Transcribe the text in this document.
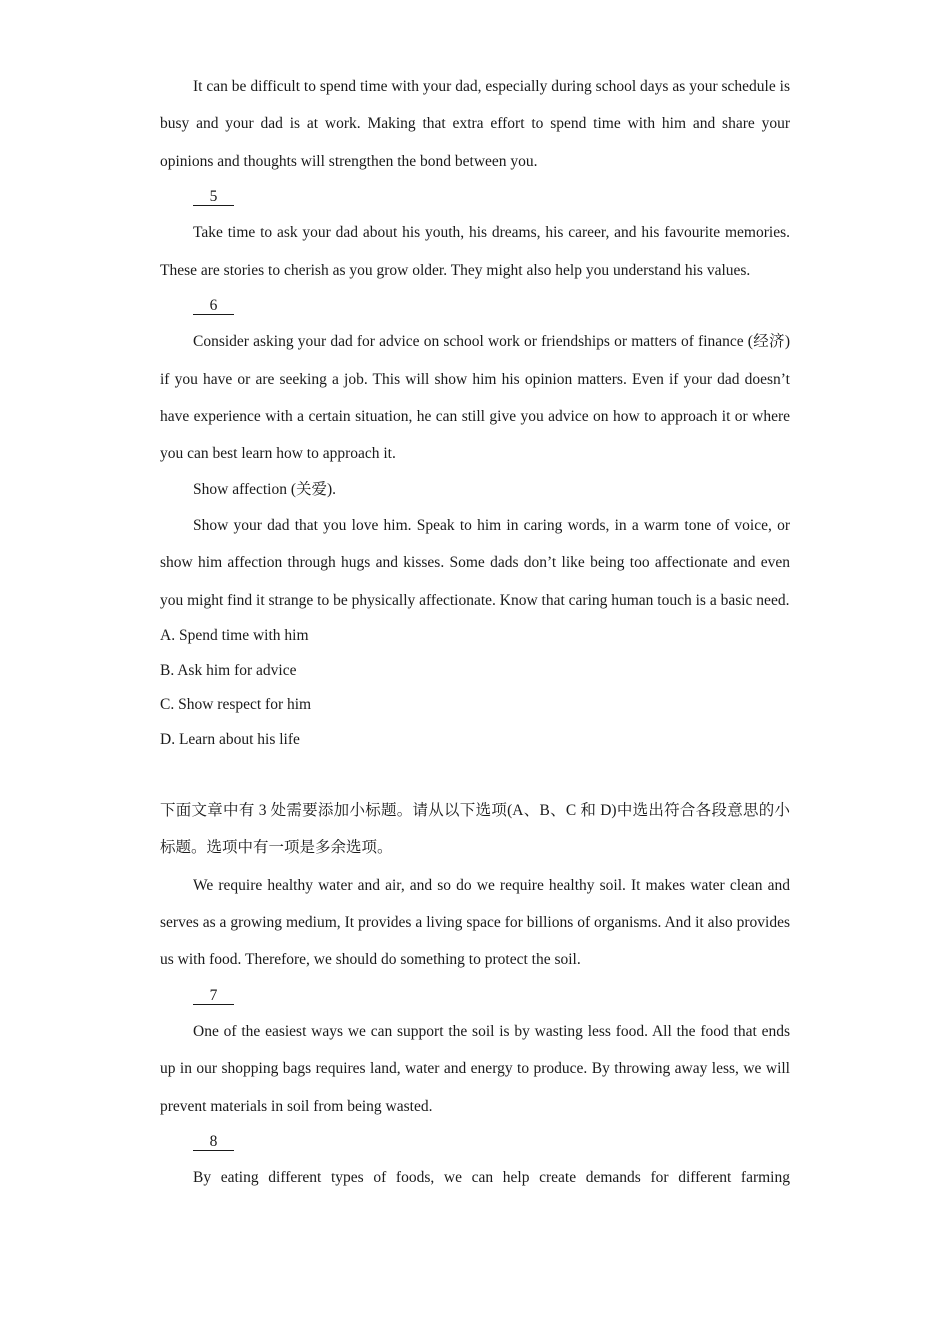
It can be difficult to spend time with your dad, especially during school days as your schedule is busy and your dad is at work. Making that extra effort to spend time with him and share your opinions and thoughts will strengthen the bond between you.

5

Take time to ask your dad about his youth, his dreams, his career, and his favourite memories. These are stories to cherish as you grow older. They might also help you understand his values.

6

Consider asking your dad for advice on school work or friendships or matters of finance (经济) if you have or are seeking a job. This will show him his opinion matters. Even if your dad doesn’t have experience with a certain situation, he can still give you advice on how to approach it or where you can best learn how to approach it.

Show affection (关爱).

Show your dad that you love him. Speak to him in caring words, in a warm tone of voice, or show him affection through hugs and kisses. Some dads don’t like being too affectionate and even you might find it strange to be physically affectionate. Know that caring human touch is a basic need.

A. Spend time with him

B. Ask him for advice

C. Show respect for him

D. Learn about his life

下面文章中有 3 处需要添加小标题。请从以下选项(A、B、C 和 D)中选出符合各段意思的小标题。选项中有一项是多余选项。

We require healthy water and air, and so do we require healthy soil. It makes water clean and serves as a growing medium, It provides a living space for billions of organisms. And it also provides us with food. Therefore, we should do something to protect the soil.

7

One of the easiest ways we can support the soil is by wasting less food. All the food that ends up in our shopping bags requires land, water and energy to produce. By throwing away less, we will prevent materials in soil from being wasted.

8

By eating different types of foods, we can help create demands for different farming
